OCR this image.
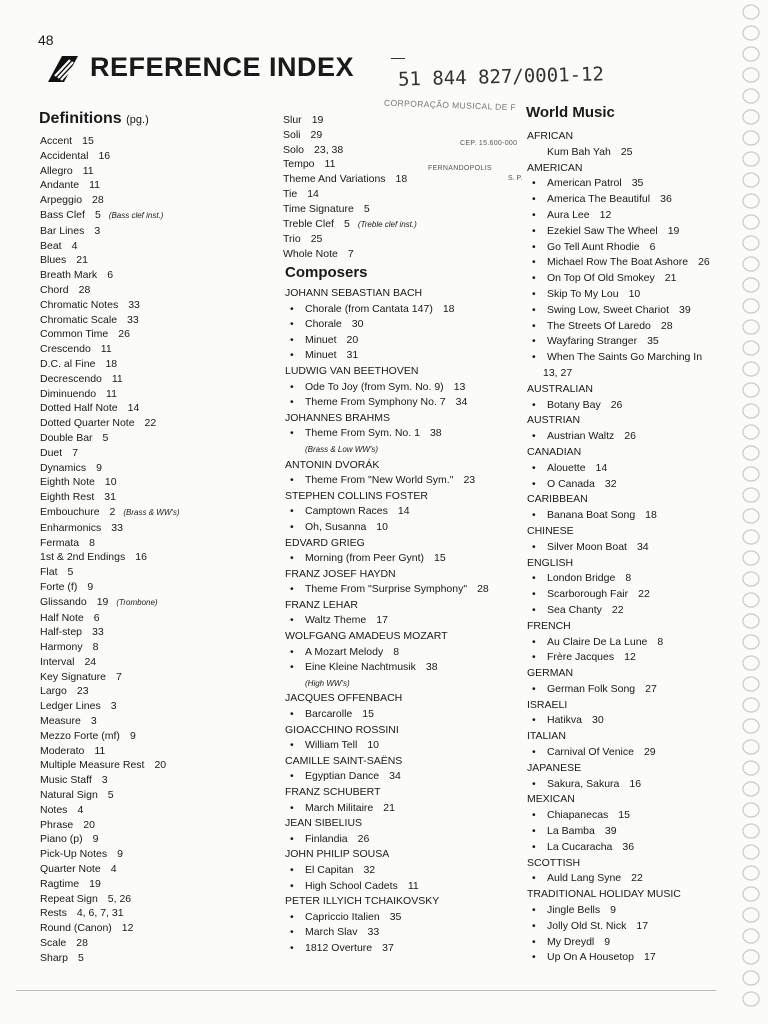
48
REFERENCE INDEX 51 844 827/0001-12
CORPORAÇÃO MUSICAL DE F
CEP. 15.600-000
FERNANDOPOLIS
S. P.
Definitions (pg.)
Accent 15
Accidental 16
Allegro 11
Andante 11
Arpeggio 28
Bass Clef 5 (Bass clef inst.)
Bar Lines 3
Beat 4
Blues 21
Breath Mark 6
Chord 28
Chromatic Notes 33
Chromatic Scale 33
Common Time 26
Crescendo 11
D.C. al Fine 18
Decrescendo 11
Diminuendo 11
Dotted Half Note 14
Dotted Quarter Note 22
Double Bar 5
Duet 7
Dynamics 9
Eighth Note 10
Eighth Rest 31
Embouchure 2 (Brass & WW's)
Enharmonics 33
Fermata 8
1st & 2nd Endings 16
Flat 5
Forte (f) 9
Glissando 19 (Trombone)
Half Note 6
Half-step 33
Harmony 8
Interval 24
Key Signature 7
Largo 23
Ledger Lines 3
Measure 3
Mezzo Forte (mf) 9
Moderato 11
Multiple Measure Rest 20
Music Staff 3
Natural Sign 5
Notes 4
Phrase 20
Piano (p) 9
Pick-Up Notes 9
Quarter Note 4
Ragtime 19
Repeat Sign 5, 26
Rests 4, 6, 7, 31
Round (Canon) 12
Scale 28
Sharp 5
Slur 19
Soli 29
Solo 23, 38
Tempo 11
Theme And Variations 18
Tie 14
Time Signature 5
Treble Clef 5 (Treble clef inst.)
Trio 25
Whole Note 7
Composers
JOHANN SEBASTIAN BACH
• Chorale (from Cantata 147) 18
• Chorale 30
• Minuet 20
• Minuet 31
LUDWIG VAN BEETHOVEN
• Ode To Joy (from Sym. No. 9) 13
• Theme From Symphony No. 7 34
JOHANNES BRAHMS
• Theme From Sym. No. 1 38
(Brass & Low WW's)
ANTONIN DVORÁK
• Theme From "New World Sym." 23
STEPHEN COLLINS FOSTER
• Camptown Races 14
• Oh, Susanna 10
EDVARD GRIEG
• Morning (from Peer Gynt) 15
FRANZ JOSEF HAYDN
• Theme From "Surprise Symphony" 28
FRANZ LEHAR
• Waltz Theme 17
WOLFGANG AMADEUS MOZART
• A Mozart Melody 8
• Eine Kleine Nachtmusik 38
(High WW's)
JACQUES OFFENBACH
• Barcarolle 15
GIOACCHINO ROSSINI
• William Tell 10
CAMILLE SAINT-SAËNS
• Egyptian Dance 34
FRANZ SCHUBERT
• March Militaire 21
JEAN SIBELIUS
• Finlandia 26
JOHN PHILIP SOUSA
• El Capitan 32
• High School Cadets 11
PETER ILLYICH TCHAIKOVSKY
• Capriccio Italien 35
• March Slav 33
• 1812 Overture 37
World Music
AFRICAN
Kum Bah Yah 25
AMERICAN
• American Patrol 35
• America The Beautiful 36
• Aura Lee 12
• Ezekiel Saw The Wheel 19
• Go Tell Aunt Rhodie 6
• Michael Row The Boat Ashore 26
• On Top Of Old Smokey 21
• Skip To My Lou 10
• Swing Low, Sweet Chariot 39
• The Streets Of Laredo 28
• Wayfaring Stranger 35
• When The Saints Go Marching In
13, 27
AUSTRALIAN
• Botany Bay 26
AUSTRIAN
• Austrian Waltz 26
CANADIAN
• Alouette 14
• O Canada 32
CARIBBEAN
• Banana Boat Song 18
CHINESE
• Silver Moon Boat 34
ENGLISH
• London Bridge 8
• Scarborough Fair 22
• Sea Chanty 22
FRENCH
• Au Claire De La Lune 8
• Frère Jacques 12
GERMAN
• German Folk Song 27
ISRAELI
• Hatikva 30
ITALIAN
• Carnival Of Venice 29
JAPANESE
• Sakura, Sakura 16
MEXICAN
• Chiapanecas 15
• La Bamba 39
• La Cucaracha 36
SCOTTISH
• Auld Lang Syne 22
TRADITIONAL HOLIDAY MUSIC
• Jingle Bells 9
• Jolly Old St. Nick 17
• My Dreydl 9
• Up On A Housetop 17
